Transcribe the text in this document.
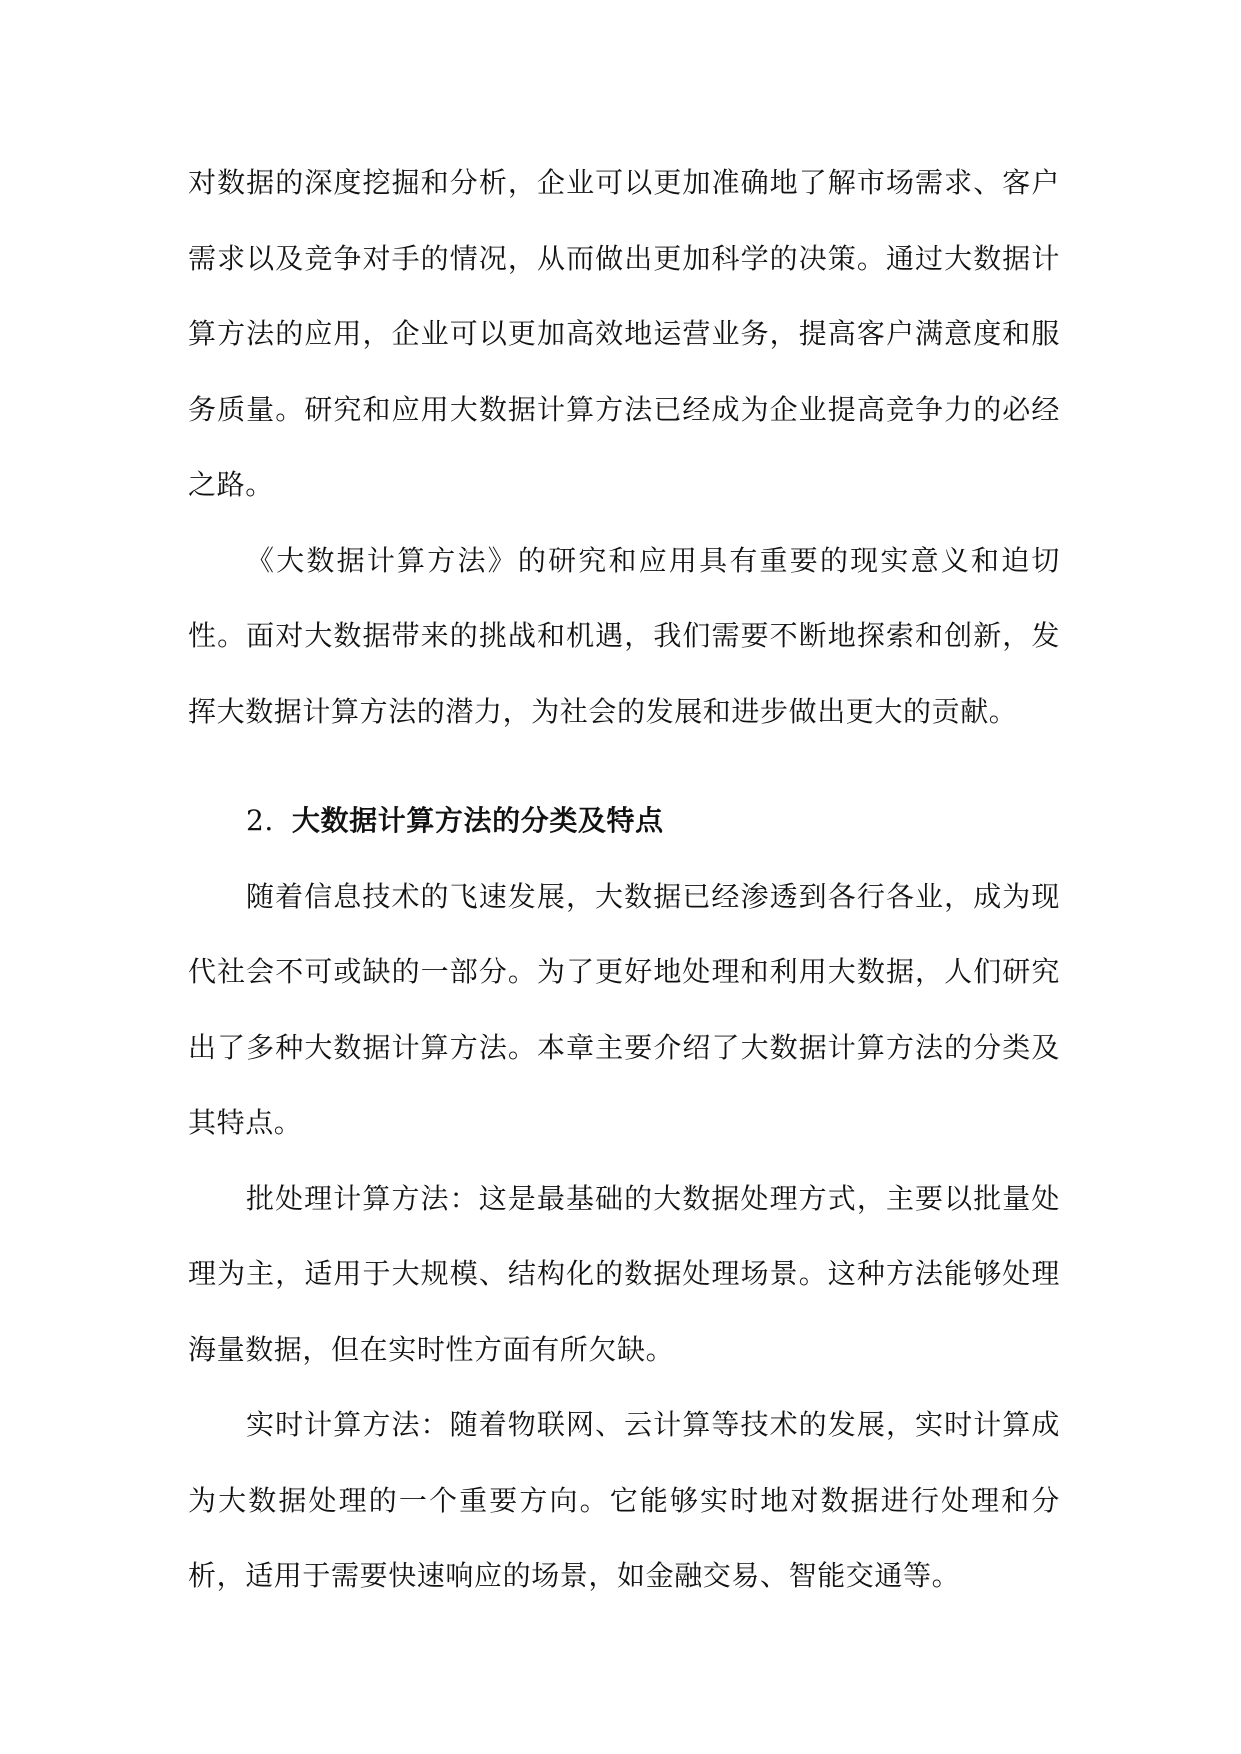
对数据的深度挖掘和分析，企业可以更加准确地了解市场需求、客户需求以及竞争对手的情况，从而做出更加科学的决策。通过大数据计算方法的应用，企业可以更加高效地运营业务，提高客户满意度和服务质量。研究和应用大数据计算方法已经成为企业提高竞争力的必经之路。

《大数据计算方法》的研究和应用具有重要的现实意义和迫切性。面对大数据带来的挑战和机遇，我们需要不断地探索和创新，发挥大数据计算方法的潜力，为社会的发展和进步做出更大的贡献。

2. 大数据计算方法的分类及特点

随着信息技术的飞速发展，大数据已经渗透到各行各业，成为现代社会不可或缺的一部分。为了更好地处理和利用大数据，人们研究出了多种大数据计算方法。本章主要介绍了大数据计算方法的分类及其特点。

批处理计算方法：这是最基础的大数据处理方式，主要以批量处理为主，适用于大规模、结构化的数据处理场景。这种方法能够处理海量数据，但在实时性方面有所欠缺。

实时计算方法：随着物联网、云计算等技术的发展，实时计算成为大数据处理的一个重要方向。它能够实时地对数据进行处理和分析，适用于需要快速响应的场景，如金融交易、智能交通等。
